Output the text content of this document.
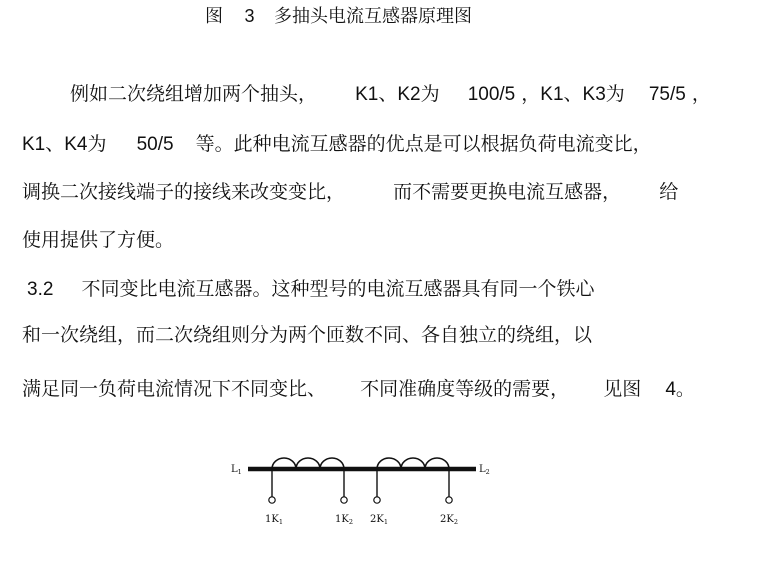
图 3 多抽头电流互感器原理图
例如二次绕组增加两个抽头， K1、K2为 100/5 ，K1、K3为 75/5 ，
K1、K4为 50/5 等。此种电流互感器的优点是可以根据负荷电流变比，
调换二次接线端子的接线来改变变比，	而不需要更换电流互感器， 给
使用提供了方便。
3.2 不同变比电流互感器。这种型号的电流互感器具有同一个铁心
和一次绕组，而二次绕组则分为两个匝数不同、各自独立的绕组，以
满足同一负荷电流情况下不同变比、 不同准确度等级的需要， 见图 4。
$L_1$	$L_2$
$1K_1$	$1K_2$ $2K_1$	$2K_2$
